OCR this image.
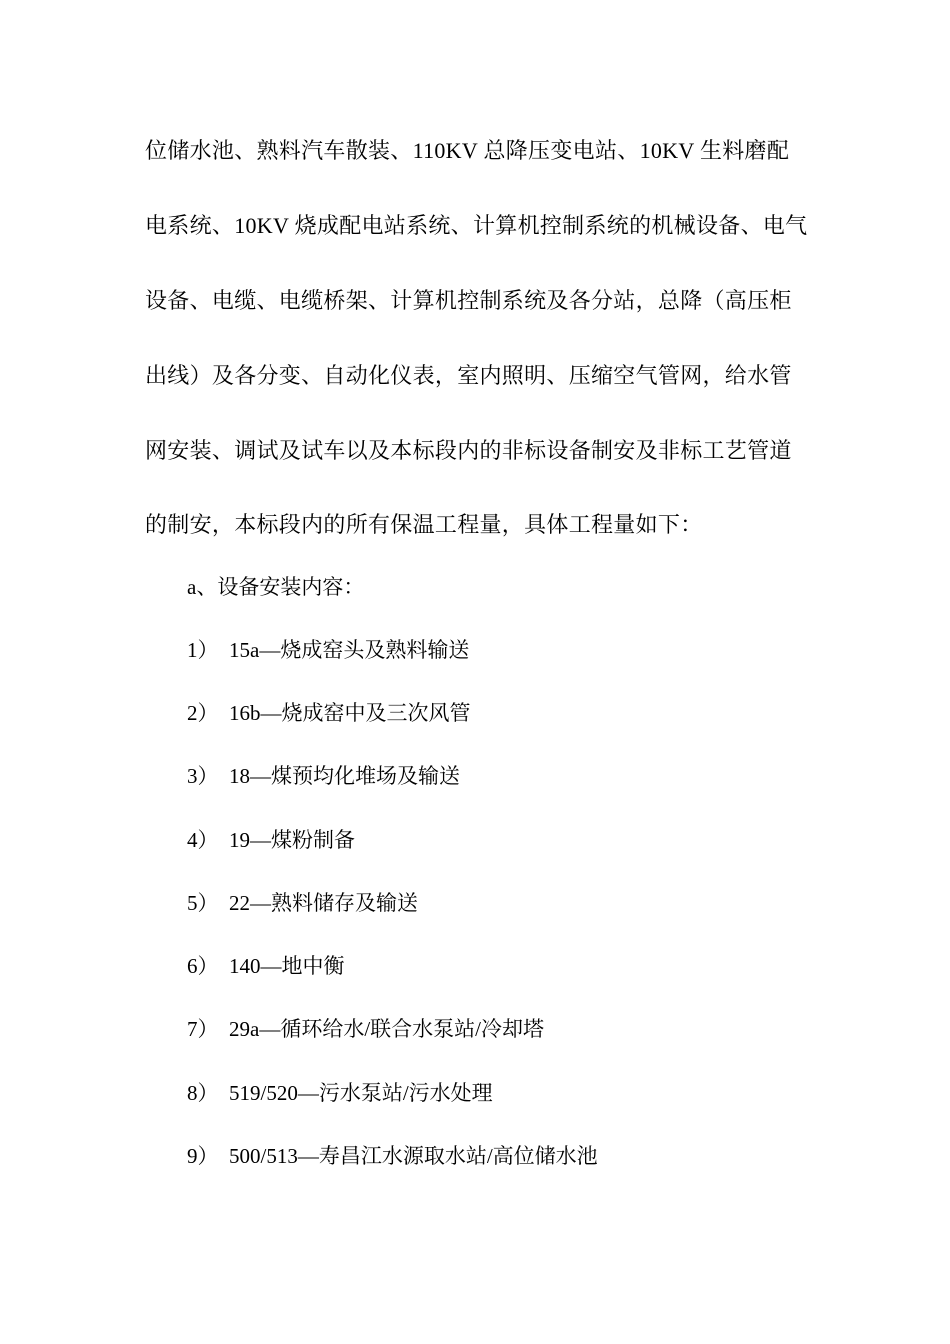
位储水池、熟料汽车散装、110KV 总降压变电站、10KV 生料磨配
电系统、10KV 烧成配电站系统、计算机控制系统的机械设备、电气
设备、电缆、电缆桥架、计算机控制系统及各分站，总降（高压柜
出线）及各分变、自动化仪表，室内照明、压缩空气管网，给水管
网安装、调试及试车以及本标段内的非标设备制安及非标工艺管道
的制安，本标段内的所有保温工程量，具体工程量如下：
a、设备安装内容：
1） 15a—烧成窑头及熟料输送
2） 16b—烧成窑中及三次风管
3） 18—煤预均化堆场及输送
4） 19—煤粉制备
5） 22—熟料储存及输送
6） 140—地中衡
7） 29a—循环给水/联合水泵站/冷却塔
8） 519/520—污水泵站/污水处理
9） 500/513—寿昌江水源取水站/高位储水池
